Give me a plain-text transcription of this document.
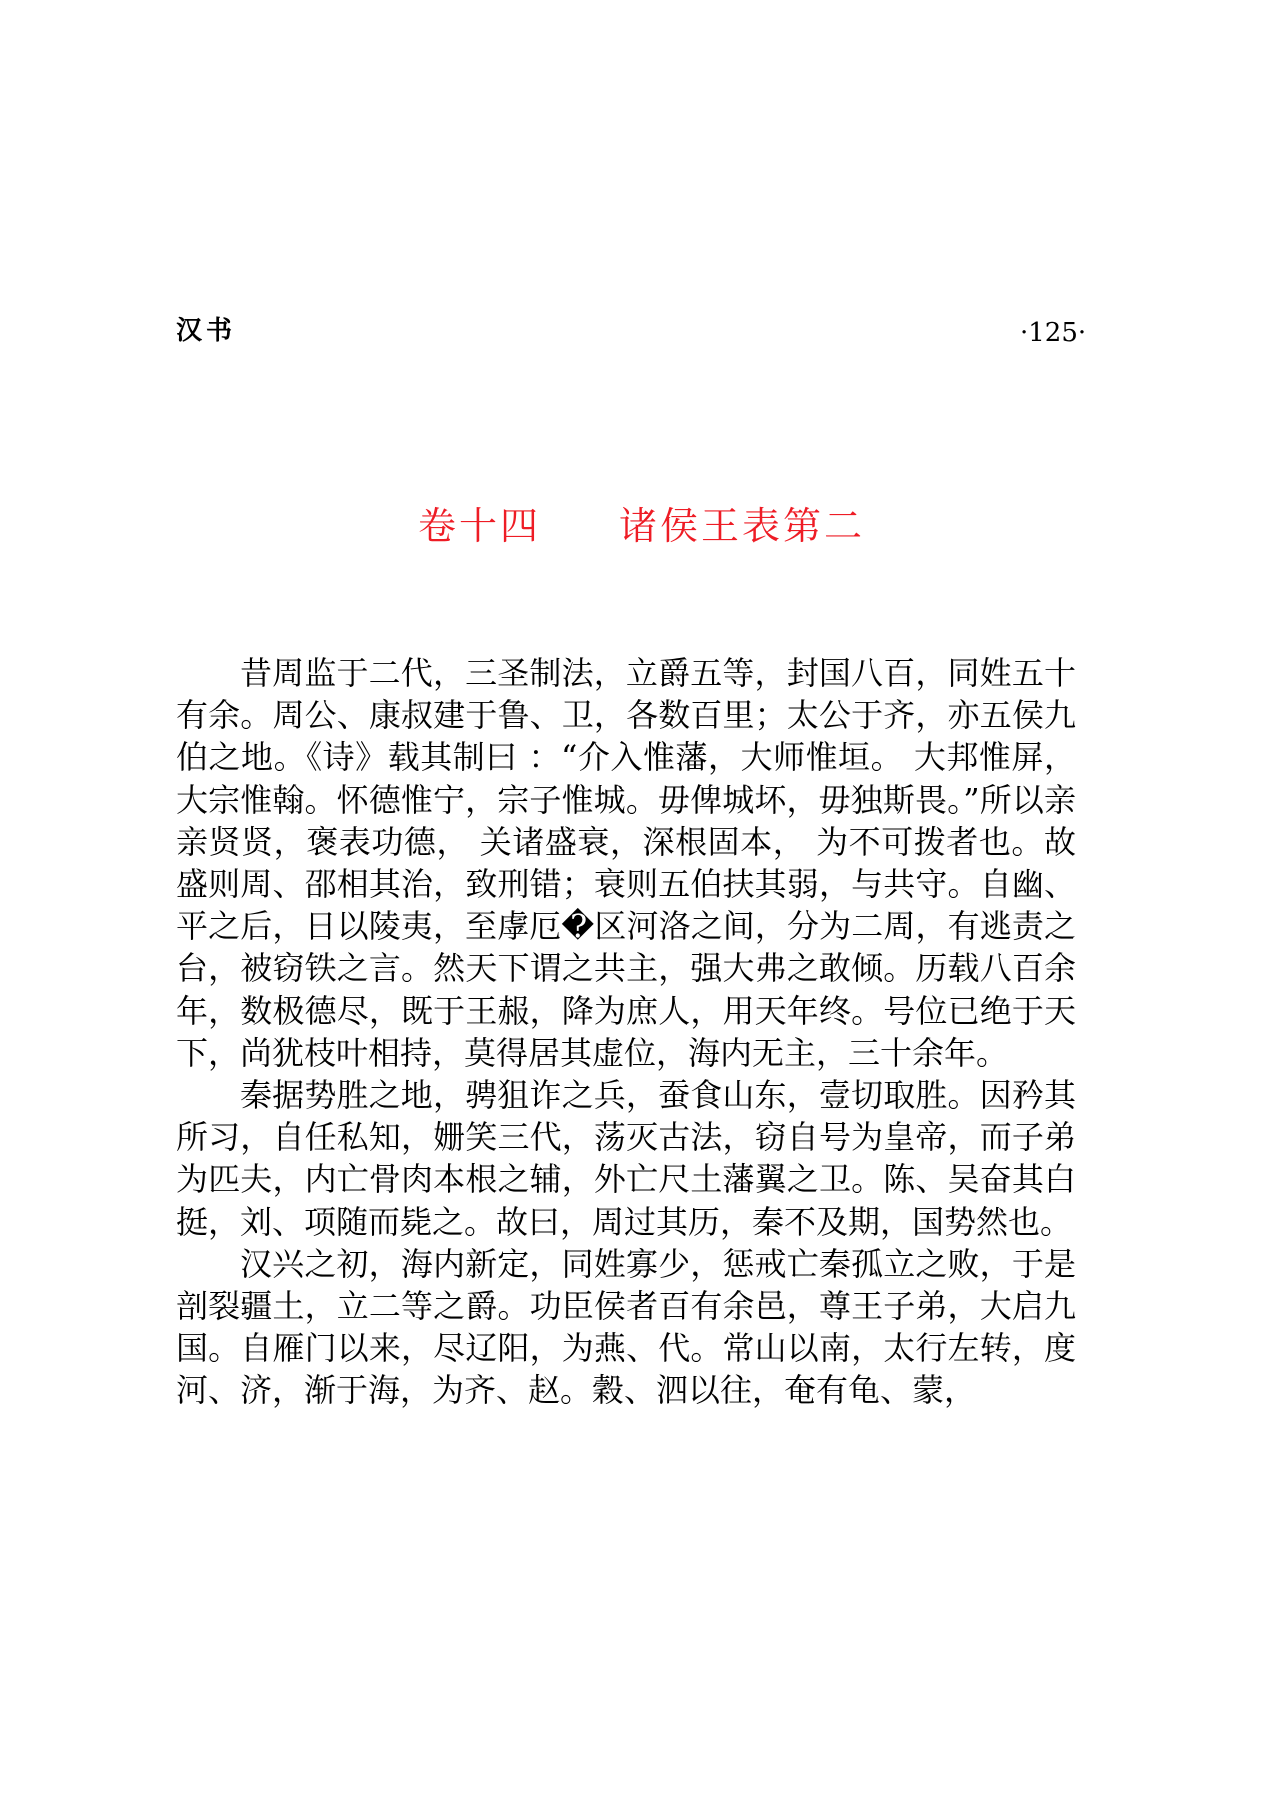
汉书	·125·
卷十四 诸侯王表第二

昔周监于二代，三圣制法，立爵五等，封国八百，同姓五十有余。周公、康叔建于鲁、卫，各数百里；太公于齐，亦五侯九伯之地。《诗》载其制曰 ：“介入惟藩，大师惟垣。 大邦惟屏，大宗惟翰。怀德惟宁，宗子惟城。毋俾城坏，毋独斯畏。”所以亲亲贤贤，褒表功德， 关诸盛衰，深根固本， 为不可拨者也。故盛则周、邵相其治，致刑错；衰则五伯扶其弱，与共守。自幽、平之后，日以陵夷，至虖厄�区河洛之间，分为二周，有逃责之台，被窃铁之言。然天下谓之共主，强大弗之敢倾。历载八百余年，数极德尽，既于王赧，降为庶人，用天年终。号位已绝于天下，尚犹枝叶相持，莫得居其虚位，海内无主，三十余年。

秦据势胜之地，骋狙诈之兵，蚕食山东，壹切取胜。因矜其所习，自任私知，姗笑三代，荡灭古法，窃自号为皇帝，而子弟为匹夫，内亡骨肉本根之辅，外亡尺土藩翼之卫。陈、吴奋其白挺，刘、项随而毙之。故曰，周过其历，秦不及期，国势然也。

汉兴之初，海内新定，同姓寡少，惩戒亡秦孤立之败，于是剖裂疆土，立二等之爵。功臣侯者百有余邑，尊王子弟，大启九国。自雁门以来，尽辽阳，为燕、代。常山以南，太行左转，度河、济，渐于海，为齐、赵。穀、泗以往，奄有龟、蒙，
